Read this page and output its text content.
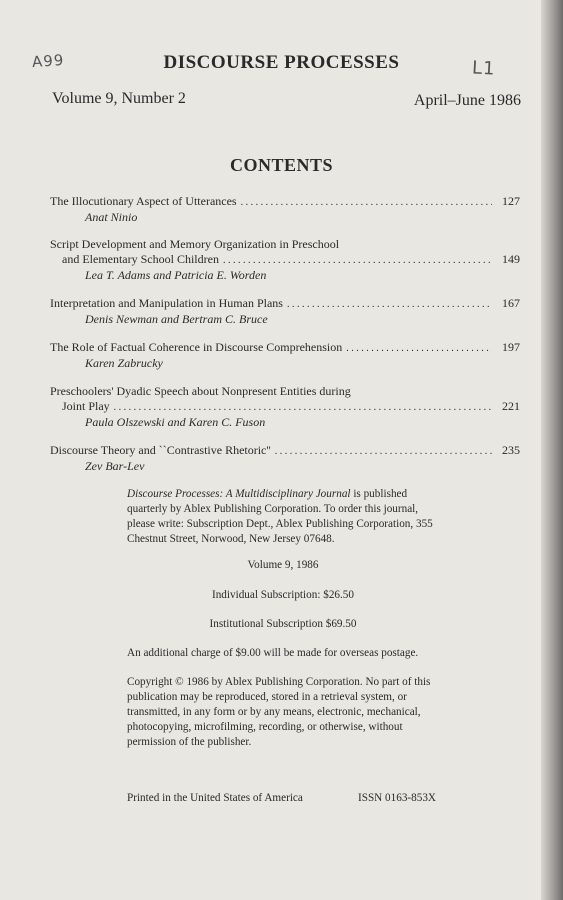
A99	L1
DISCOURSE PROCESSES
Volume 9, Number 2	April–June 1986
CONTENTS
The Illocutionary Aspect of Utterances . . .	127
Anat Ninio
Script Development and Memory Organization in Preschool
and Elementary School Children . . .	149
Lea T. Adams and Patricia E. Worden
Interpretation and Manipulation in Human Plans . . .	167
Denis Newman and Bertram C. Bruce
The Role of Factual Coherence in Discourse Comprehension . . .	197
Karen Zabrucky
Preschoolers' Dyadic Speech about Nonpresent Entities during
Joint Play . . .	221
Paula Olszewski and Karen C. Fuson
Discourse Theory and ``Contrastive Rhetoric'' . . .	235
Zev Bar-Lev
Discourse Processes: A Multidisciplinary Journal is published quarterly by Ablex Publishing Corporation. To order this journal, please write: Subscription Dept., Ablex Publishing Corporation, 355 Chestnut Street, Norwood, New Jersey 07648.
Volume 9, 1986
Individual Subscription: $26.50
Institutional Subscription $69.50
An additional charge of $9.00 will be made for overseas postage.
Copyright © 1986 by Ablex Publishing Corporation. No part of this publication may be reproduced, stored in a retrieval system, or transmitted, in any form or by any means, electronic, mechanical, photocopying, microfilming, recording, or otherwise, without permission of the publisher.
Printed in the United States of America	ISSN 0163-853X
